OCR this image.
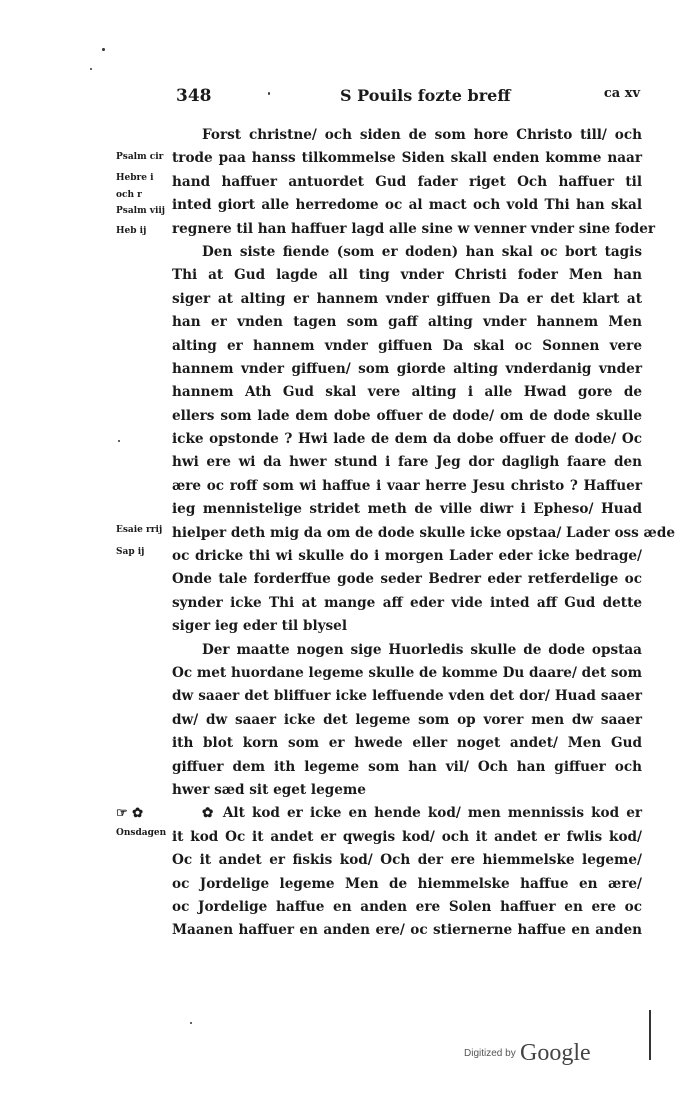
348	S Pouils fozte breff	ca xv
Psalm cir
Hebre i
och r
Psalm viij
Heb ij
Esaie rrij
Sap ij
☞ ✿
Onsdagen
Forst christne/ och siden de som hore Christo till/ och
trode paa hanss tilkommelse Siden skall enden komme naar
hand haffuer antuordet Gud fader riget Och haffuer til
inted giort alle herredome oc al mact och vold Thi han skal
regnere til han haffuer lagd alle sine w venner vnder sine foder
Den siste fiende (som er doden) han skal oc bort tagis
Thi at Gud lagde all ting vnder Christi foder Men han
siger at alting er hannem vnder giffuen Da er det klart at
han er vnden tagen som gaff alting vnder hannem Men
alting er hannem vnder giffuen Da skal oc Sonnen vere
hannem vnder giffuen/ som giorde alting vnderdanig vnder
hannem Ath Gud skal vere alting i alle Hwad gore de
ellers som lade dem dobe offuer de dode/ om de dode skulle
icke opstonde ? Hwi lade de dem da dobe offuer de dode/ Oc
hwi ere wi da hwer stund i fare Jeg dor dagligh faare den
ære oc roff som wi haffue i vaar herre Jesu christo ? Haffuer
ieg mennistelige stridet meth de ville diwr i Epheso/ Huad
hielper deth mig da om de dode skulle icke opstaa/ Lader oss æde
oc dricke thi wi skulle do i morgen Lader eder icke bedrage/
Onde tale forderffue gode seder Bedrer eder retferdelige oc
synder icke Thi at mange aff eder vide inted aff Gud dette
siger ieg eder til blysel
Der maatte nogen sige Huorledis skulle de dode opstaa
Oc met huordane legeme skulle de komme Du daare/ det som
dw saaer det bliffuer icke leffuende vden det dor/ Huad saaer
dw/ dw saaer icke det legeme som op vorer men dw saaer
ith blot korn som er hwede eller noget andet/ Men Gud
giffuer dem ith legeme som han vil/ Och han giffuer och
hwer sæd sit eget legeme
✿ Alt kod er icke en hende kod/ men mennissis kod er
it kod Oc it andet er qwegis kod/ och it andet er fwlis kod/
Oc it andet er fiskis kod/ Och der ere hiemmelske legeme/
oc Jordelige legeme Men de hiemmelske haffue en ære/
oc Jordelige haffue en anden ere Solen haffuer en ere oc
Maanen haffuer en anden ere/ oc stiernerne haffue en anden
Digitized by Google
